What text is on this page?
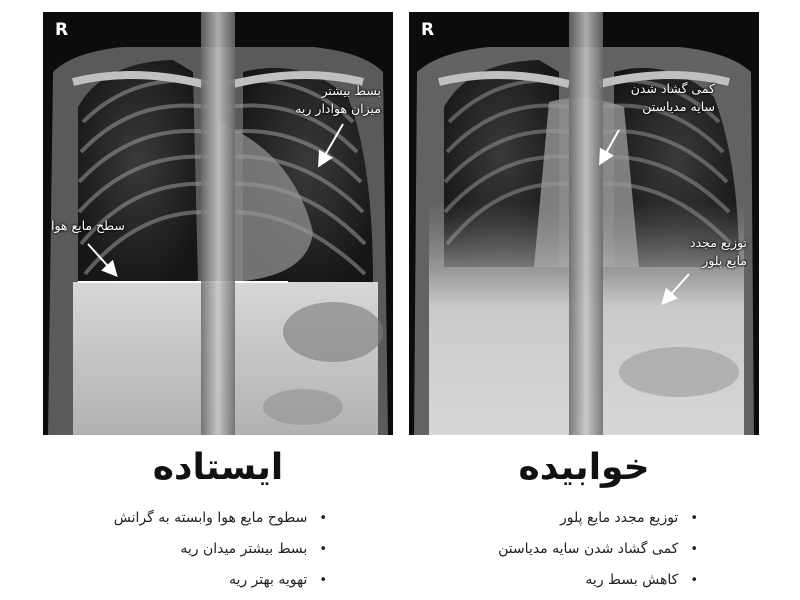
R
بسط بیشتر
میزان هوادار ریه
سطح مایع هوا
R
کمی گشاد شدن
سایه مدیاستن
توزیع مجدد
مایع پلور
ایستاده	خوابیده
• سطوح مایع هوا وابسته به گرانش
• بسط بیشتر میدان ریه
• تهویه بهتر ریه
• توزیع مجدد مایع پلور
• کمی گشاد شدن سایه مدیاستن
• کاهش بسط ریه
